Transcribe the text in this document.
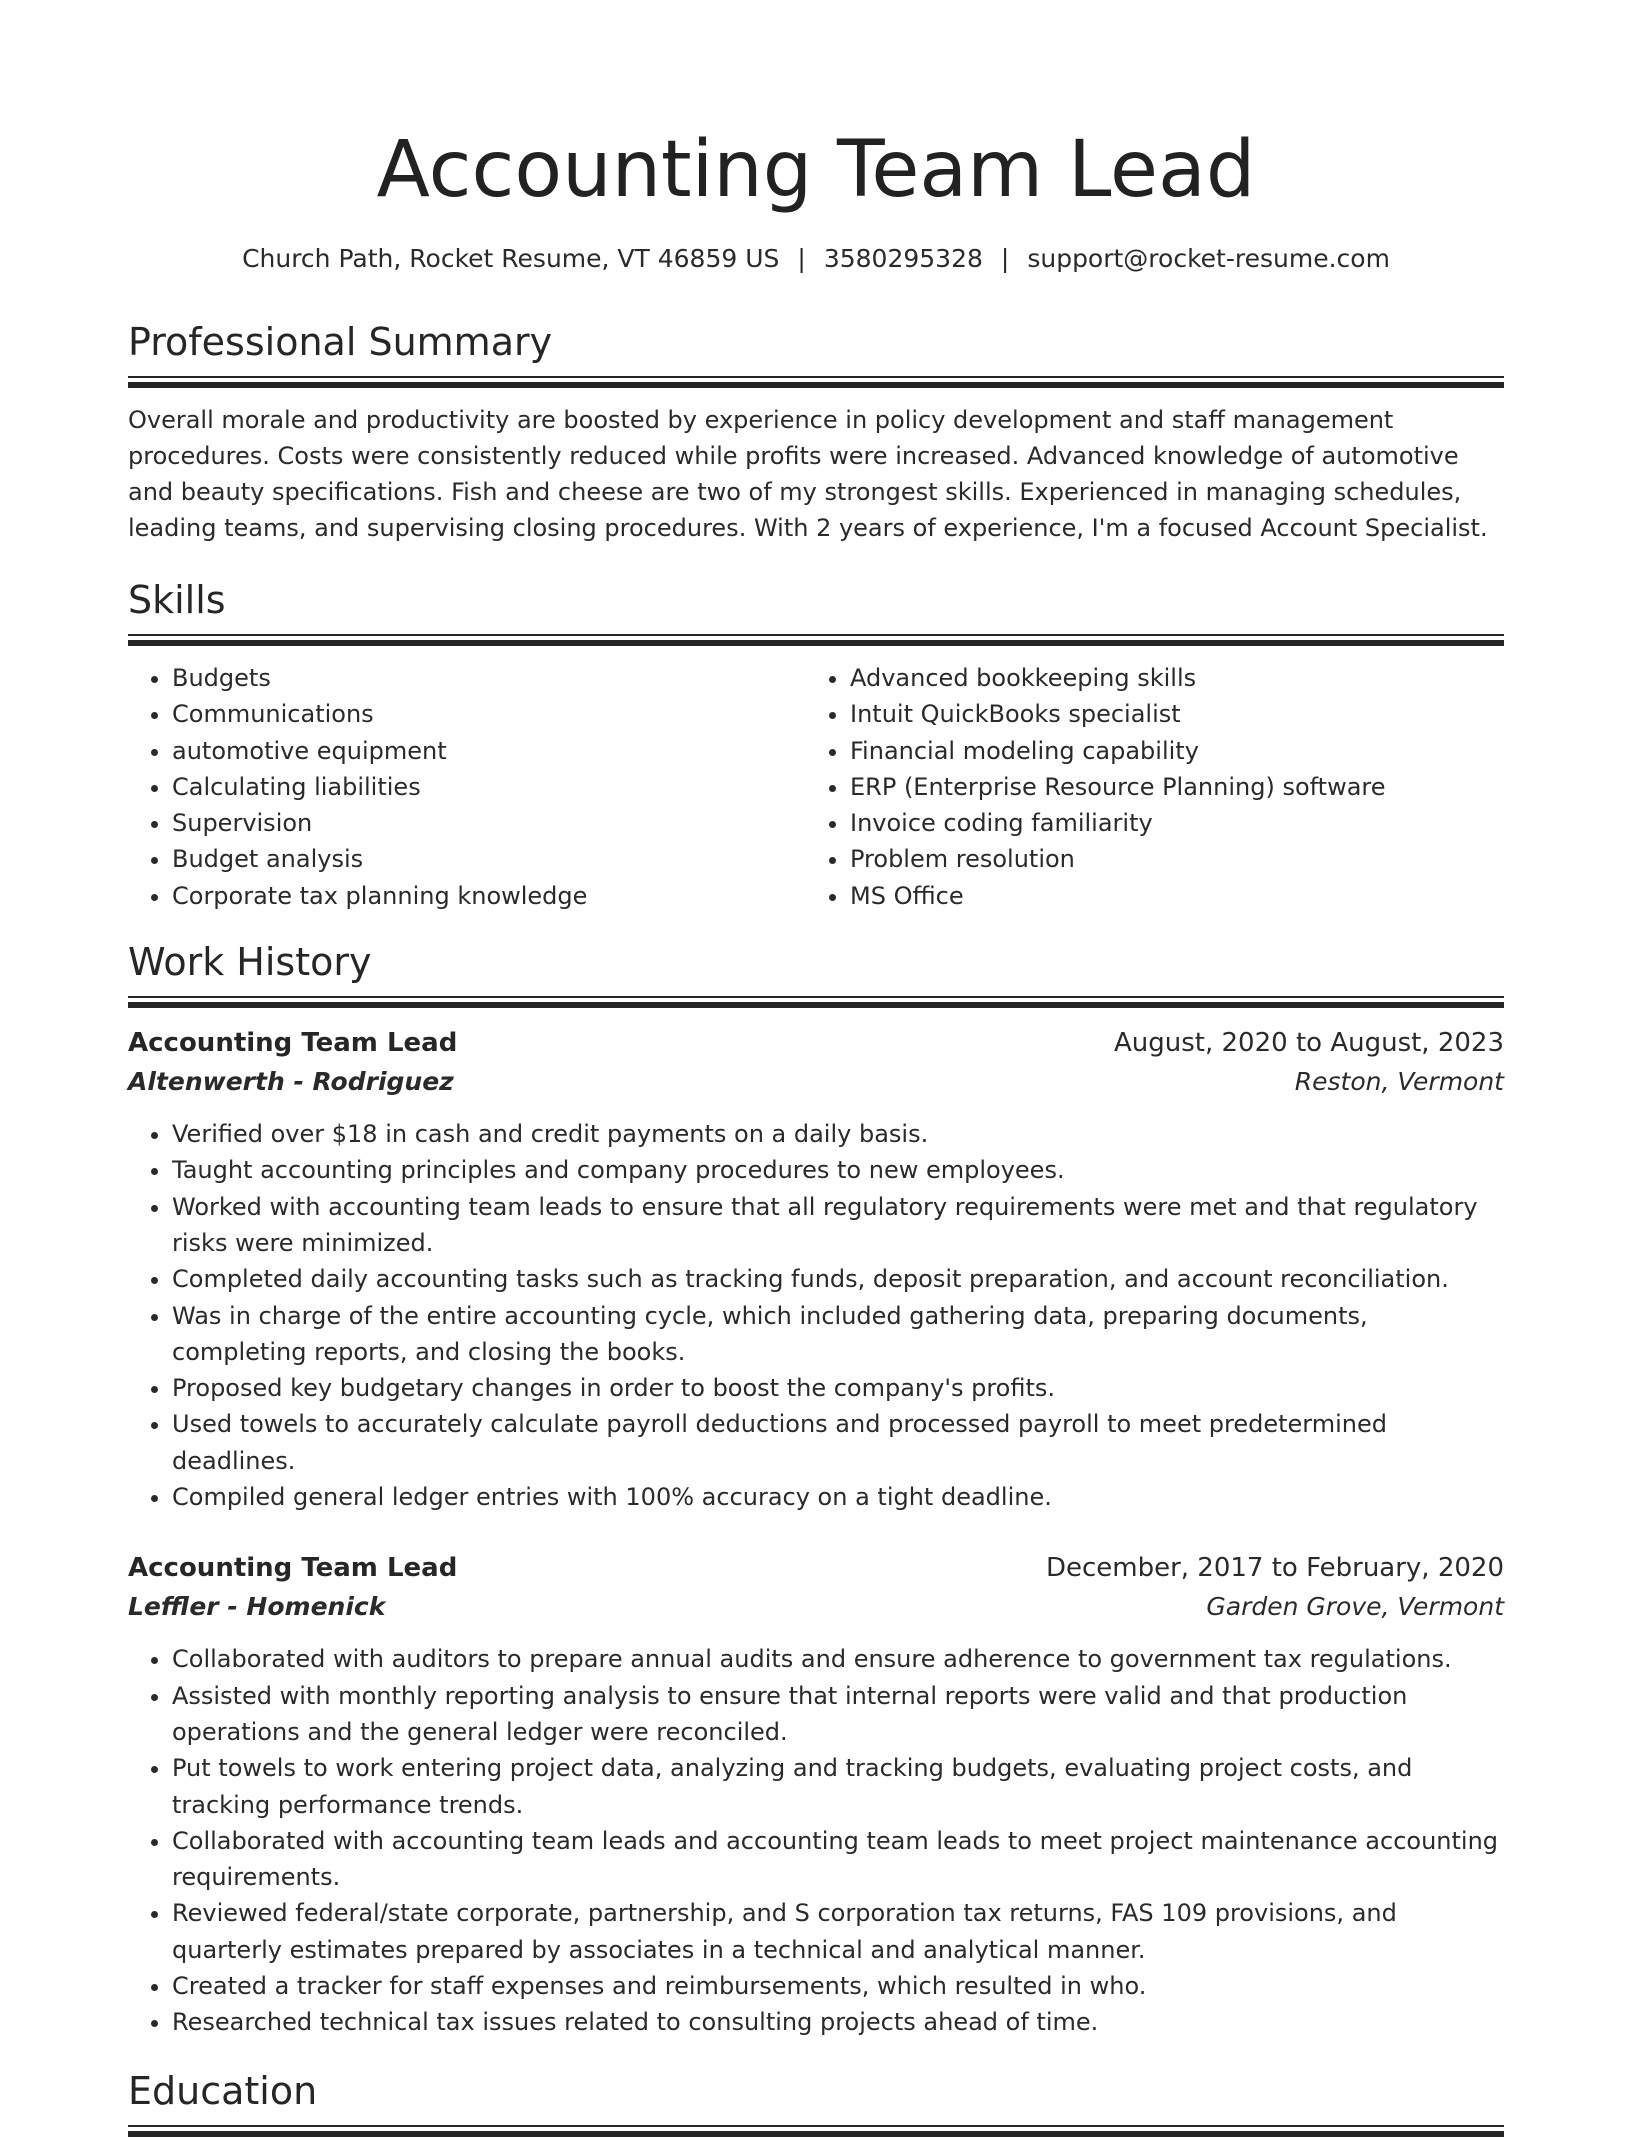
Accounting Team Lead
Church Path, Rocket Resume, VT 46859 US | 3580295328 | support@rocket-resume.com
Professional Summary
Overall morale and productivity are boosted by experience in policy development and staff management procedures. Costs were consistently reduced while profits were increased. Advanced knowledge of automotive and beauty specifications. Fish and cheese are two of my strongest skills. Experienced in managing schedules, leading teams, and supervising closing procedures. With 2 years of experience, I'm a focused Account Specialist.
Skills
• Budgets
• Communications
• automotive equipment
• Calculating liabilities
• Supervision
• Budget analysis
• Corporate tax planning knowledge
• Advanced bookkeeping skills
• Intuit QuickBooks specialist
• Financial modeling capability
• ERP (Enterprise Resource Planning) software
• Invoice coding familiarity
• Problem resolution
• MS Office
Work History
Accounting Team Lead	August, 2020 to August, 2023
Altenwerth - Rodriguez	Reston, Vermont
• Verified over $18 in cash and credit payments on a daily basis.
• Taught accounting principles and company procedures to new employees.
• Worked with accounting team leads to ensure that all regulatory requirements were met and that regulatory risks were minimized.
• Completed daily accounting tasks such as tracking funds, deposit preparation, and account reconciliation.
• Was in charge of the entire accounting cycle, which included gathering data, preparing documents, completing reports, and closing the books.
• Proposed key budgetary changes in order to boost the company's profits.
• Used towels to accurately calculate payroll deductions and processed payroll to meet predetermined deadlines.
• Compiled general ledger entries with 100% accuracy on a tight deadline.
Accounting Team Lead	December, 2017 to February, 2020
Leffler - Homenick	Garden Grove, Vermont
• Collaborated with auditors to prepare annual audits and ensure adherence to government tax regulations.
• Assisted with monthly reporting analysis to ensure that internal reports were valid and that production operations and the general ledger were reconciled.
• Put towels to work entering project data, analyzing and tracking budgets, evaluating project costs, and tracking performance trends.
• Collaborated with accounting team leads and accounting team leads to meet project maintenance accounting requirements.
• Reviewed federal/state corporate, partnership, and S corporation tax returns, FAS 109 provisions, and quarterly estimates prepared by associates in a technical and analytical manner.
• Created a tracker for staff expenses and reimbursements, which resulted in who.
• Researched technical tax issues related to consulting projects ahead of time.
Education
